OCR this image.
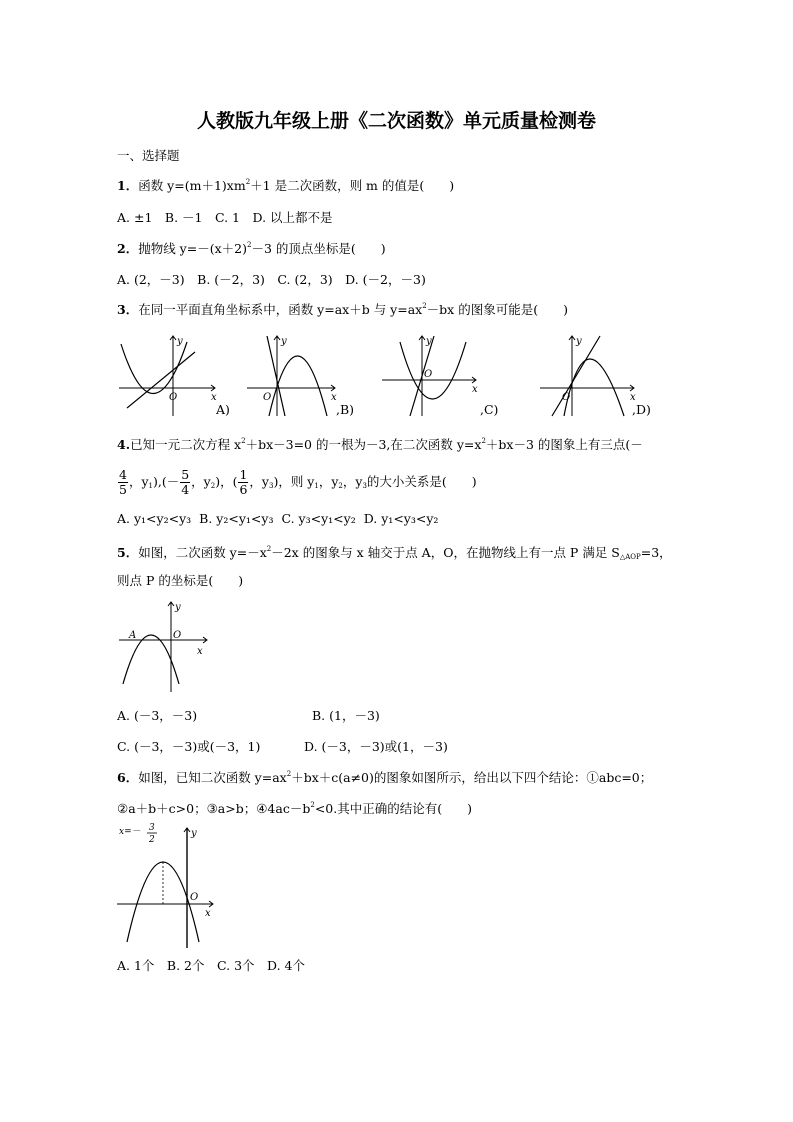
人教版九年级上册《二次函数》单元质量检测卷
一、选择题
1．函数 $y=(m+1)xm^2+1$ 是二次函数，则 m 的值是(　　)
A. ±1　B. －1　C. 1　D. 以上都不是
2．抛物线 $y=-(x+2)^2-3$ 的顶点坐标是(　　)
A. (2，－3)　B. (－2，3)　C. (2，3)　D. (－2，－3)
3．在同一平面直角坐标系中，函数 y=ax＋b 与 $y=ax^2-bx$ 的图象可能是(　　)
y
x
O
A)
y
x
O
,B)
y
x
O
,C)
y
x
O
,D)
4.已知一元二次方程 $x^2+bx-3=0$ 的一根为－3,在二次函数 $y=x^2+bx-3$ 的图象上有三点(－
$\frac{4}{5}$ ，$y_1),(- \frac{5}{4}$ ，$y_2$)，( $\frac{1}{6}$ ，$y_3$)，则 $y_1$，$y_2$，$y_3$的大小关系是(　　)
A. y₁<y₂<y₃ B. y₂<y₁<y₃ C. y₃<y₁<y₂ D. y₁<y₃<y₂
5．如图，二次函数 $y=-x^2-2x$ 的图象与 x 轴交于点 A，O，在抛物线上有一点 P 满足 $S_{\triangle AOP}=3$，
则点 P 的坐标是(　　)
y
x
O
A
A. (－3，－3)	B. (1，－3)
C. (－3，－3)或(－3，1)	D. (－3，－3)或(1，－3)
6．如图，已知二次函数 $y=ax^2+bx+c(a\ne 0)$的图象如图所示，给出以下四个结论：①abc=0；
②a＋b＋c>0；③a>b；$④4ac-b^2<0$.其中正确的结论有(　　)
x=－ 3
2
y
x
O
A. 1个　B. 2个　C. 3个　D. 4个
